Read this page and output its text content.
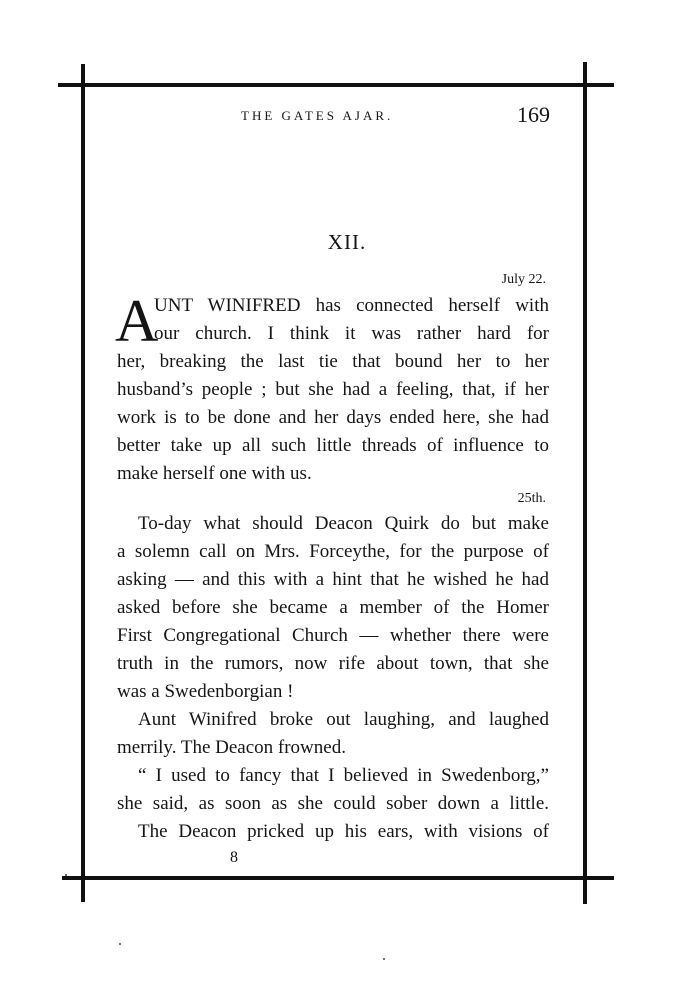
THE GATES AJAR.	169
XII.
July 22.
A
UNT WINIFRED has connected herself with
our church. I think it was rather hard for
her, breaking the last tie that bound her to her
husband’s people ; but she had a feeling, that, if her
work is to be done and her days ended here, she had
better take up all such little threads of influence to
make herself one with us.
25th.
To-day what should Deacon Quirk do but make
a solemn call on Mrs. Forceythe, for the purpose of
asking — and this with a hint that he wished he had
asked before she became a member of the Homer
First Congregational Church — whether there were
truth in the rumors, now rife about town, that she
was a Swedenborgian !
Aunt Winifred broke out laughing, and laughed
merrily. The Deacon frowned.
“ I used to fancy that I believed in Swedenborg,”
she said, as soon as she could sober down a little.
The Deacon pricked up his ears, with visions of
8
